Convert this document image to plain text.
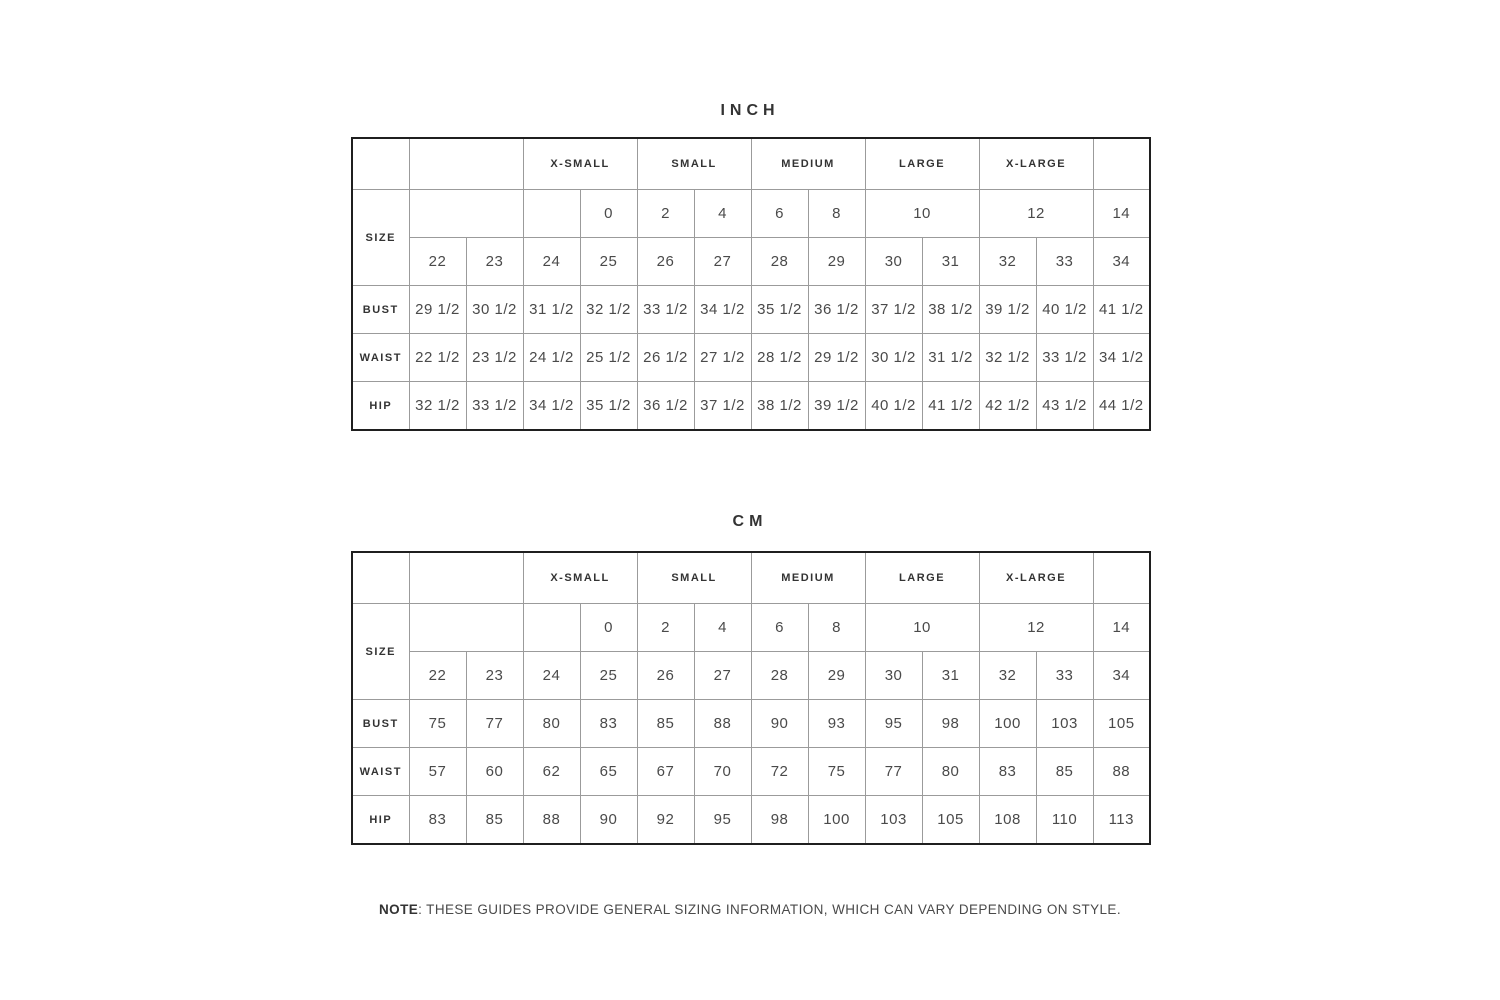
INCH
			X-SMALL		SMALL		MEDIUM		LARGE		X-LARGE		
SIZE				0	2	4	6	8	10		12		14
	22	23	24	25	26	27	28	29	30	31	32	33	34
BUST	29 1/2	30 1/2	31 1/2	32 1/2	33 1/2	34 1/2	35 1/2	36 1/2	37 1/2	38 1/2	39 1/2	40 1/2	41 1/2
WAIST	22 1/2	23 1/2	24 1/2	25 1/2	26 1/2	27 1/2	28 1/2	29 1/2	30 1/2	31 1/2	32 1/2	33 1/2	34 1/2
HIP	32 1/2	33 1/2	34 1/2	35 1/2	36 1/2	37 1/2	38 1/2	39 1/2	40 1/2	41 1/2	42 1/2	43 1/2	44 1/2
CM
			X-SMALL		SMALL		MEDIUM		LARGE		X-LARGE		
SIZE				0	2	4	6	8	10		12		14
	22	23	24	25	26	27	28	29	30	31	32	33	34
BUST	75	77	80	83	85	88	90	93	95	98	100	103	105
WAIST	57	60	62	65	67	70	72	75	77	80	83	85	88
HIP	83	85	88	90	92	95	98	100	103	105	108	110	113
NOTE: THESE GUIDES PROVIDE GENERAL SIZING INFORMATION, WHICH CAN VARY DEPENDING ON STYLE.
